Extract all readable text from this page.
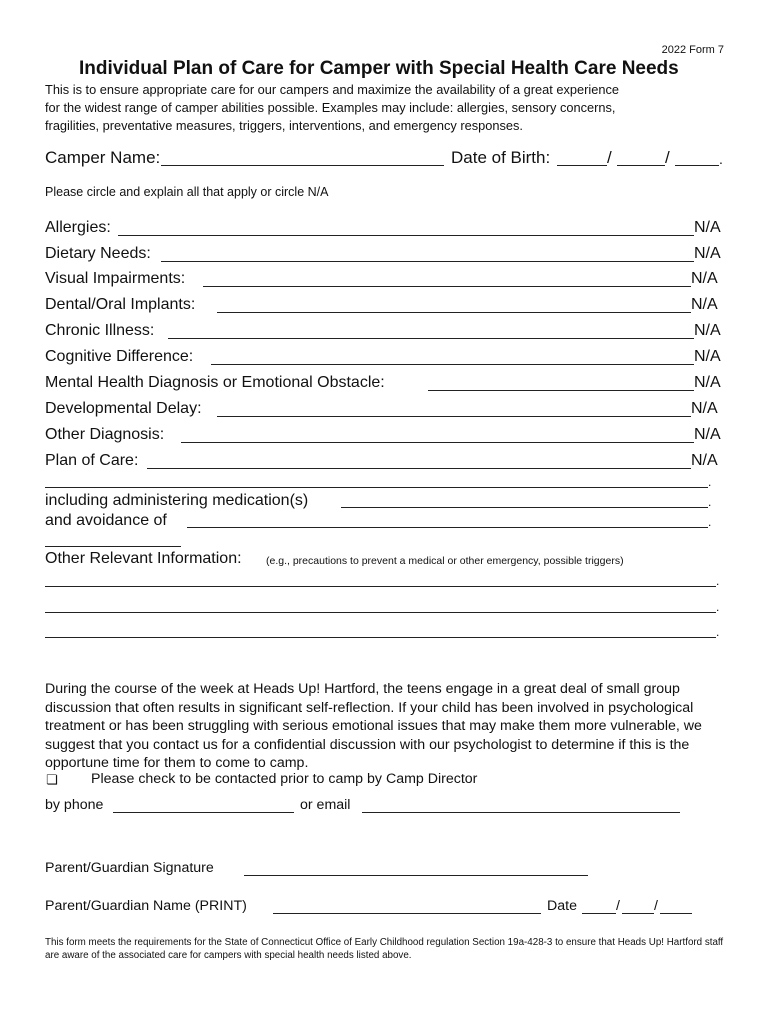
2022 Form 7
Individual Plan of Care for Camper with Special Health Care Needs
This is to ensure appropriate care for our campers and maximize the availability of a great experience
for the widest range of camper abilities possible. Examples may include: allergies, sensory concerns,
fragilities, preventative measures, triggers, interventions, and emergency responses.
Camper Name:	Date of Birth:	/	/	.
Please circle and explain all that apply or circle N/A
Allergies:	N/A
Dietary Needs:	N/A
Visual Impairments:	N/A
Dental/Oral Implants:	N/A
Chronic Illness:	N/A
Cognitive Difference:	N/A
Mental Health Diagnosis or Emotional Obstacle:	N/A
Developmental Delay:	N/A
Other Diagnosis:	N/A
Plan of Care:	N/A
.
including administering medication(s)	.
and avoidance of	.
Other Relevant Information: (e.g., precautions to prevent a medical or other emergency, possible triggers)
.
.
.
During the course of the week at Heads Up! Hartford, the teens engage in a great deal of small group discussion that often results in significant self-reflection. If your child has been involved in psychological treatment or has been struggling with serious emotional issues that may make them more vulnerable, we suggest that you contact us for a confidential discussion with our psychologist to determine if this is the opportune time for them to come to camp.
❏ Please check to be contacted prior to camp by Camp Director
by phone	or email
Parent/Guardian Signature
Parent/Guardian Name (PRINT)	Date	/ /
This form meets the requirements for the State of Connecticut Office of Early Childhood regulation Section 19a-428-3 to ensure that Heads Up! Hartford staff are aware of the associated care for campers with special health needs listed above.
